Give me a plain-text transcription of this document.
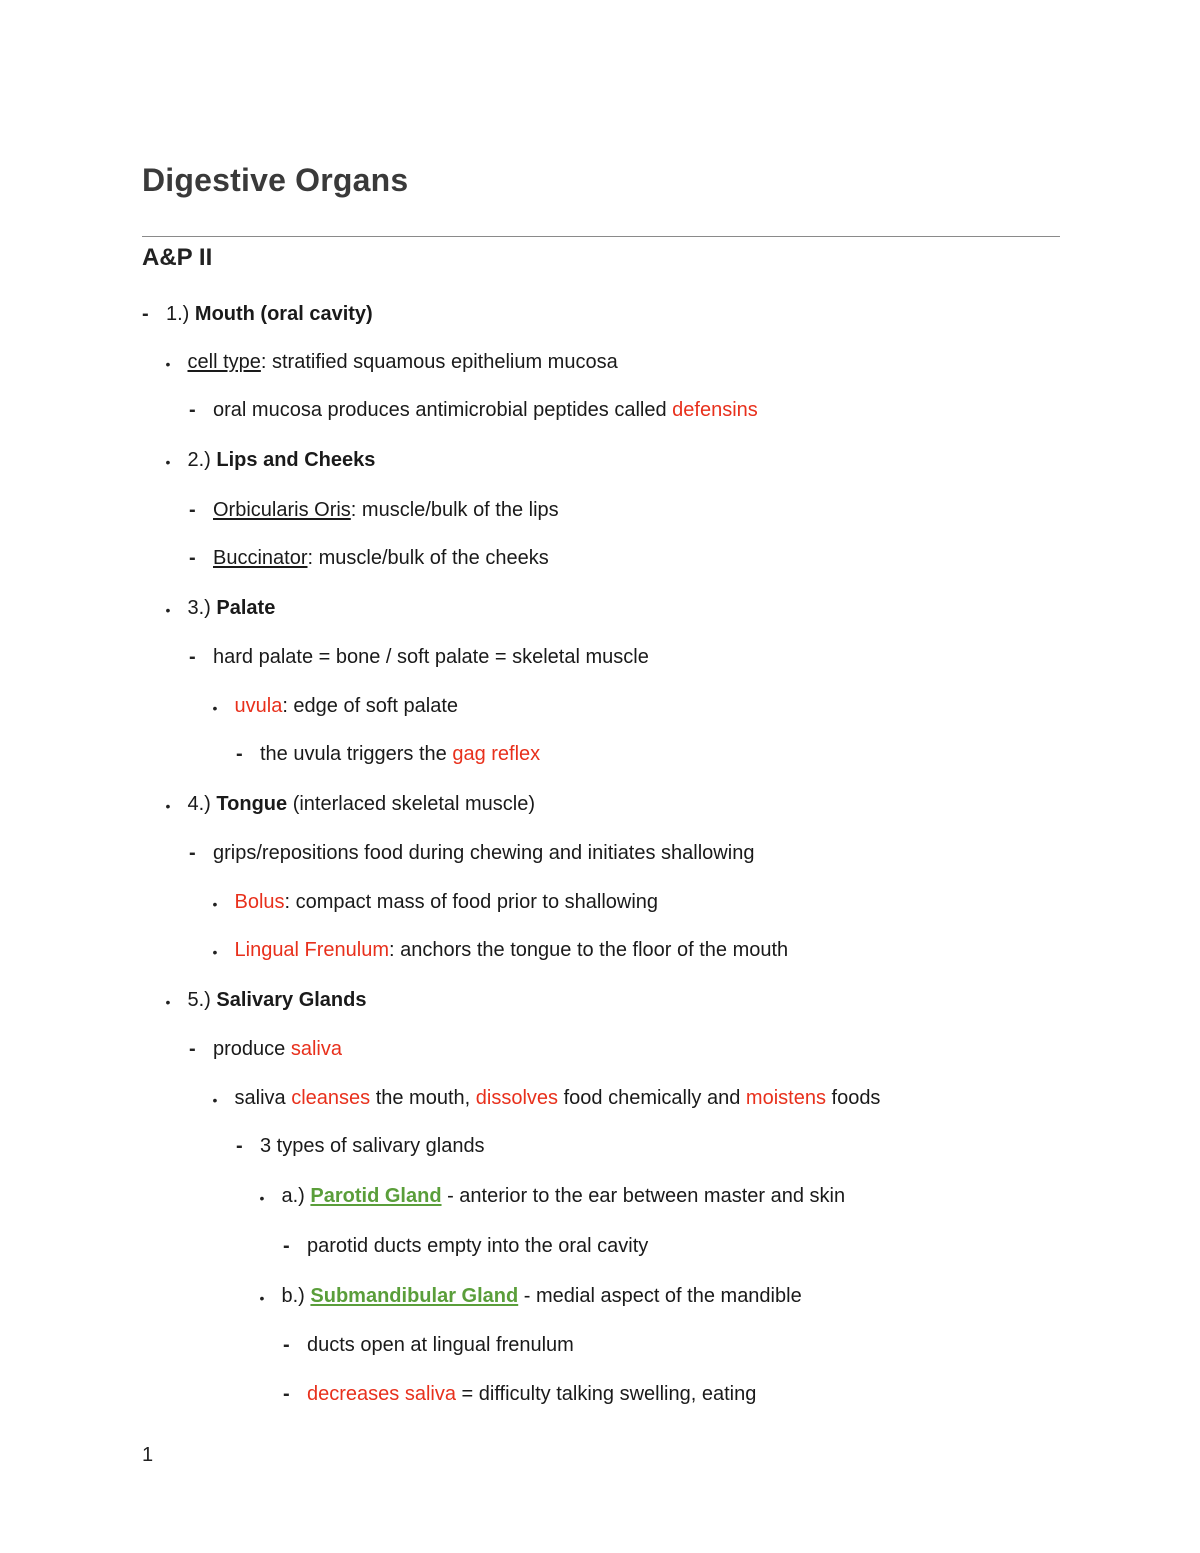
Digestive Organs
A&P II
- 1.) Mouth (oral cavity)
• cell type: stratified squamous epithelium mucosa
- oral mucosa produces antimicrobial peptides called defensins
• 2.) Lips and Cheeks
- Orbicularis Oris: muscle/bulk of the lips
- Buccinator: muscle/bulk of the cheeks
• 3.) Palate
- hard palate = bone / soft palate = skeletal muscle
• uvula: edge of soft palate
- the uvula triggers the gag reflex
• 4.) Tongue (interlaced skeletal muscle)
- grips/repositions food during chewing and initiates shallowing
• Bolus: compact mass of food prior to shallowing
• Lingual Frenulum: anchors the tongue to the floor of the mouth
• 5.) Salivary Glands
- produce saliva
• saliva cleanses the mouth, dissolves food chemically and moistens foods
- 3 types of salivary glands
• a.) Parotid Gland - anterior to the ear between master and skin
- parotid ducts empty into the oral cavity
• b.) Submandibular Gland - medial aspect of the mandible
- ducts open at lingual frenulum
- decreases saliva = difficulty talking swelling, eating
1
